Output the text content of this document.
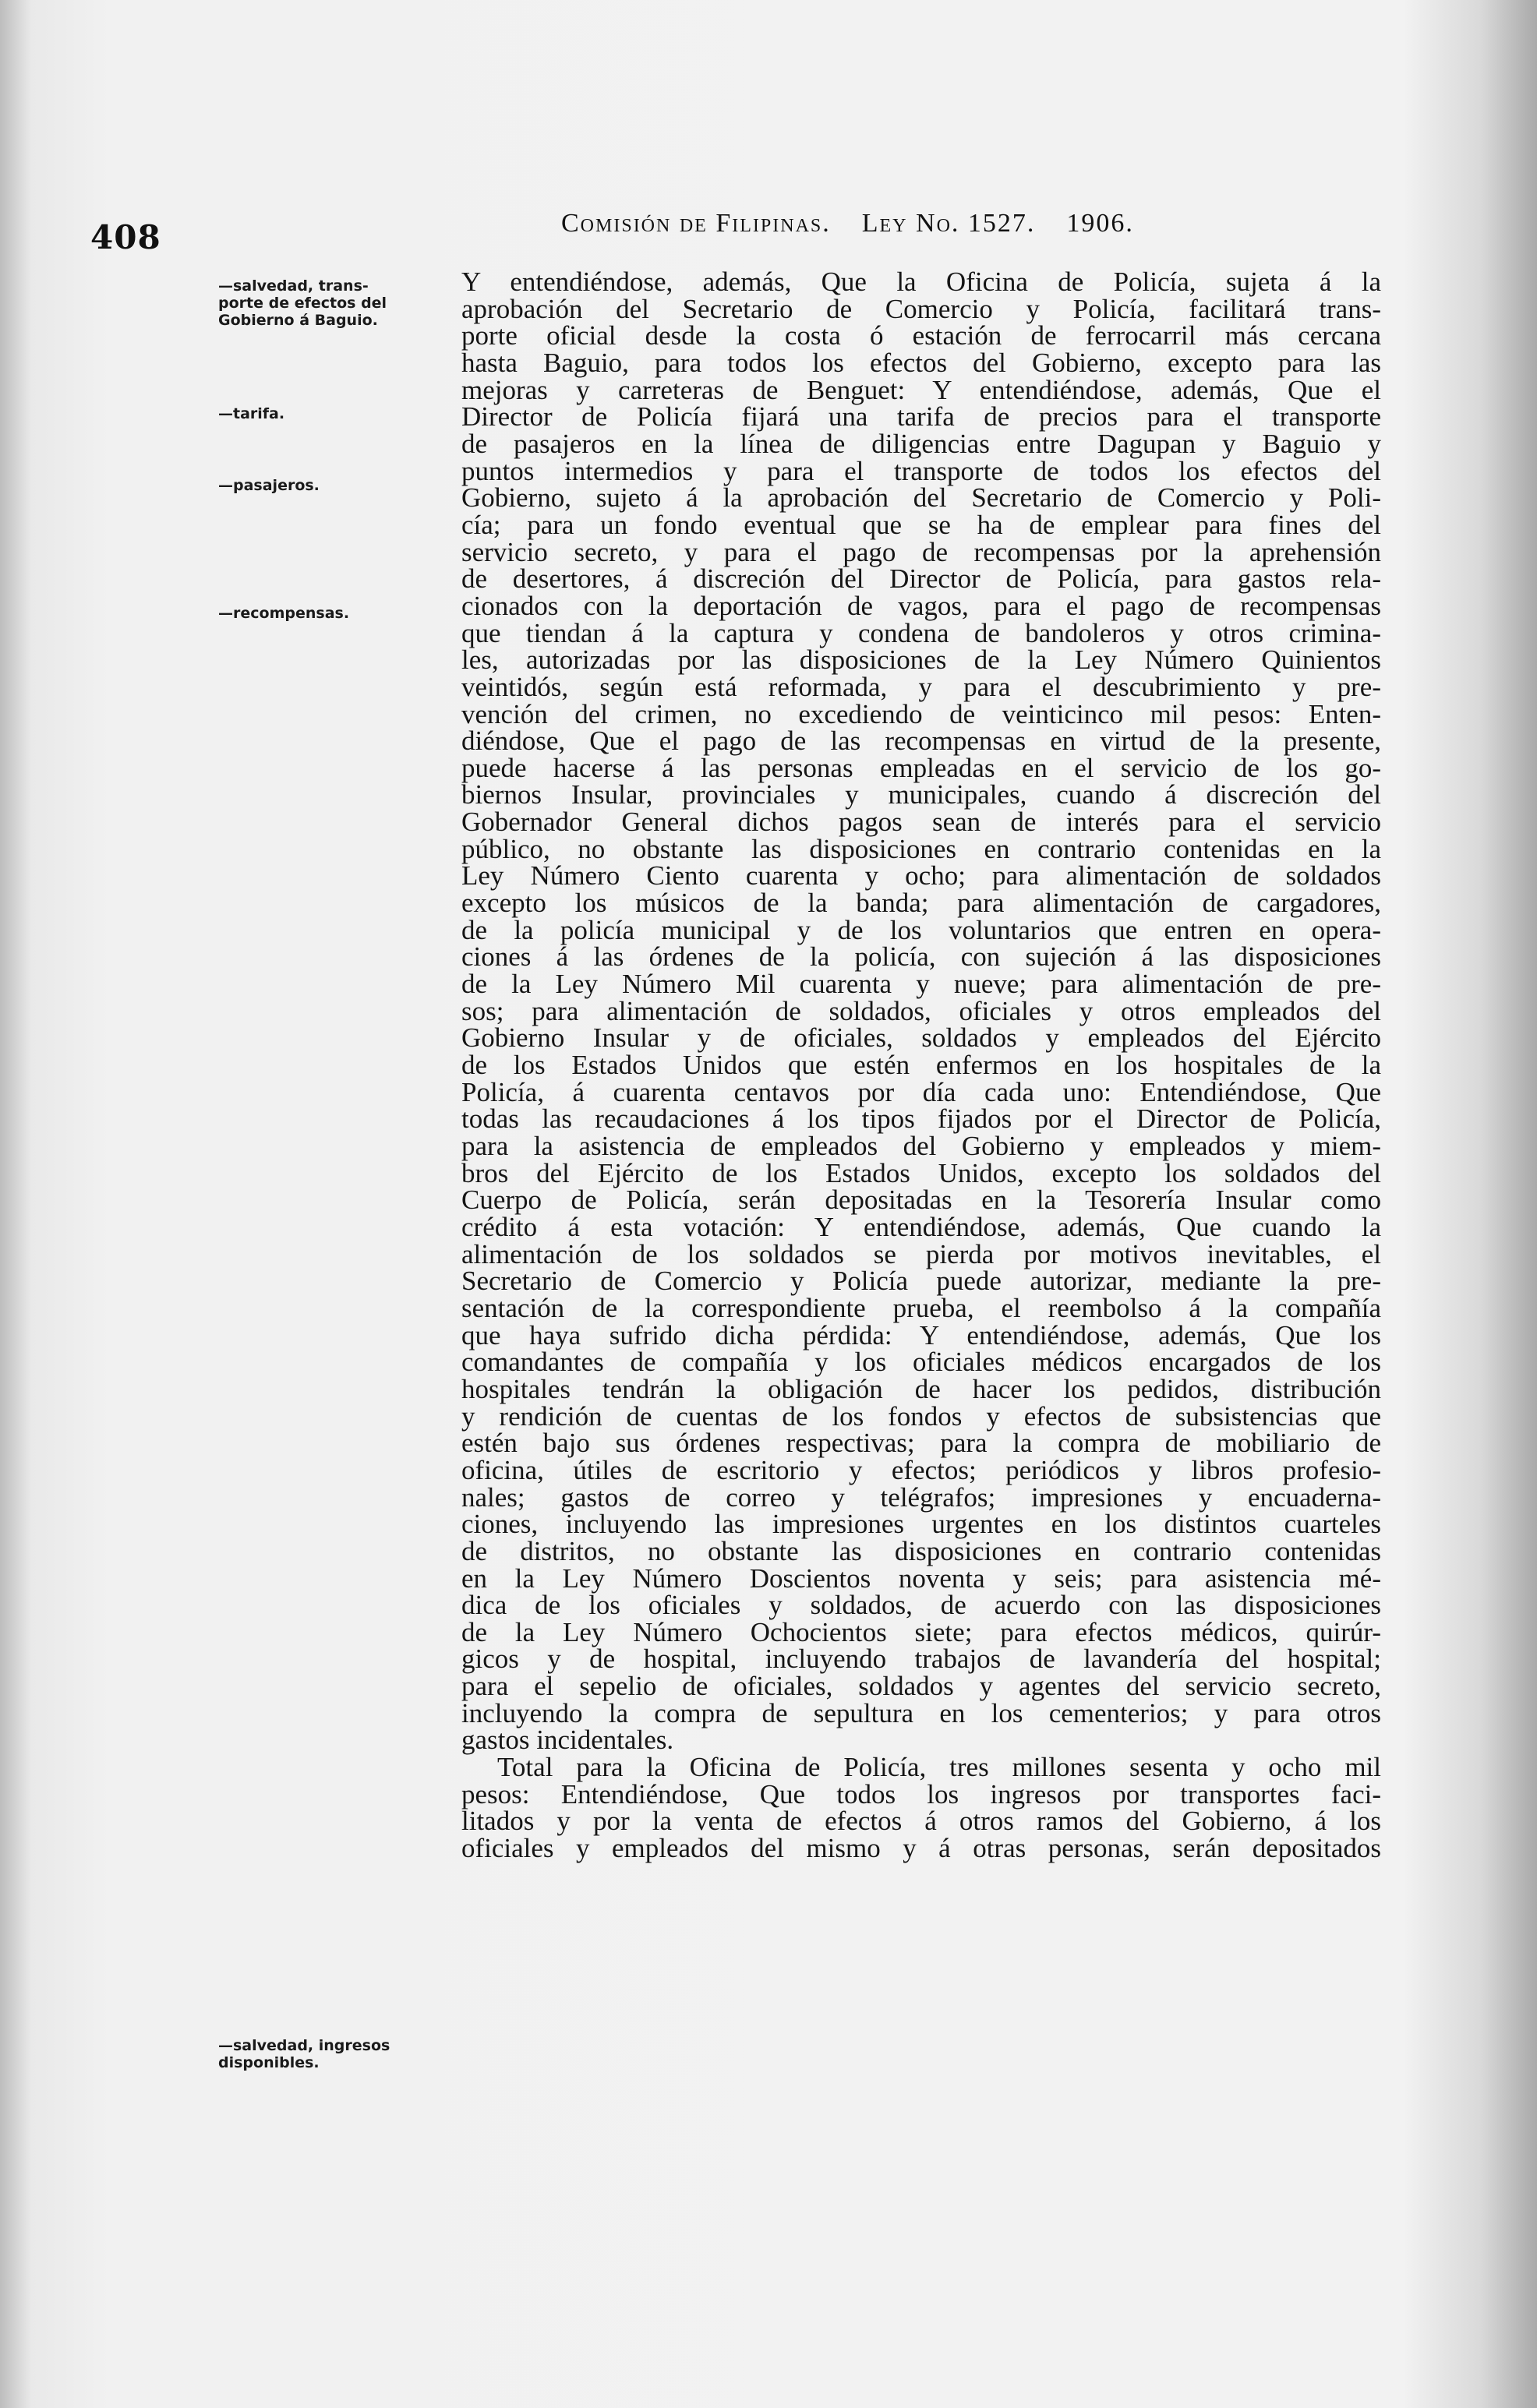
408	Comisión de Filipinas. Ley No. 1527. 1906.
—salvedad, trans-
porte de efectos del
Gobierno á Baguio.
—tarifa.
—pasajeros.
—recompensas.
—salvedad, ingresos
disponibles.
Y entendiéndose, además, Que la Oficina de Policía, sujeta á la
aprobación del Secretario de Comercio y Policía, facilitará trans-
porte oficial desde la costa ó estación de ferrocarril más cercana
hasta Baguio, para todos los efectos del Gobierno, excepto para las
mejoras y carreteras de Benguet: Y entendiéndose, además, Que el
Director de Policía fijará una tarifa de precios para el transporte
de pasajeros en la línea de diligencias entre Dagupan y Baguio y
puntos intermedios y para el transporte de todos los efectos del
Gobierno, sujeto á la aprobación del Secretario de Comercio y Poli-
cía; para un fondo eventual que se ha de emplear para fines del
servicio secreto, y para el pago de recompensas por la aprehensión
de desertores, á discreción del Director de Policía, para gastos rela-
cionados con la deportación de vagos, para el pago de recompensas
que tiendan á la captura y condena de bandoleros y otros crimina-
les, autorizadas por las disposiciones de la Ley Número Quinientos
veintidós, según está reformada, y para el descubrimiento y pre-
vención del crimen, no excediendo de veinticinco mil pesos: Enten-
diéndose, Que el pago de las recompensas en virtud de la presente,
puede hacerse á las personas empleadas en el servicio de los go-
biernos Insular, provinciales y municipales, cuando á discreción del
Gobernador General dichos pagos sean de interés para el servicio
público, no obstante las disposiciones en contrario contenidas en la
Ley Número Ciento cuarenta y ocho; para alimentación de soldados
excepto los músicos de la banda; para alimentación de cargadores,
de la policía municipal y de los voluntarios que entren en opera-
ciones á las órdenes de la policía, con sujeción á las disposiciones
de la Ley Número Mil cuarenta y nueve; para alimentación de pre-
sos; para alimentación de soldados, oficiales y otros empleados del
Gobierno Insular y de oficiales, soldados y empleados del Ejército
de los Estados Unidos que estén enfermos en los hospitales de la
Policía, á cuarenta centavos por día cada uno: Entendiéndose, Que
todas las recaudaciones á los tipos fijados por el Director de Policía,
para la asistencia de empleados del Gobierno y empleados y miem-
bros del Ejército de los Estados Unidos, excepto los soldados del
Cuerpo de Policía, serán depositadas en la Tesorería Insular como
crédito á esta votación: Y entendiéndose, además, Que cuando la
alimentación de los soldados se pierda por motivos inevitables, el
Secretario de Comercio y Policía puede autorizar, mediante la pre-
sentación de la correspondiente prueba, el reembolso á la compañía
que haya sufrido dicha pérdida: Y entendiéndose, además, Que los
comandantes de compañía y los oficiales médicos encargados de los
hospitales tendrán la obligación de hacer los pedidos, distribución
y rendición de cuentas de los fondos y efectos de subsistencias que
estén bajo sus órdenes respectivas; para la compra de mobiliario de
oficina, útiles de escritorio y efectos; periódicos y libros profesio-
nales; gastos de correo y telégrafos; impresiones y encuaderna-
ciones, incluyendo las impresiones urgentes en los distintos cuarteles
de distritos, no obstante las disposiciones en contrario contenidas
en la Ley Número Doscientos noventa y seis; para asistencia mé-
dica de los oficiales y soldados, de acuerdo con las disposiciones
de la Ley Número Ochocientos siete; para efectos médicos, quirúr-
gicos y de hospital, incluyendo trabajos de lavandería del hospital;
para el sepelio de oficiales, soldados y agentes del servicio secreto,
incluyendo la compra de sepultura en los cementerios; y para otros
gastos incidentales.
Total para la Oficina de Policía, tres millones sesenta y ocho mil
pesos: Entendiéndose, Que todos los ingresos por transportes faci-
litados y por la venta de efectos á otros ramos del Gobierno, á los
oficiales y empleados del mismo y á otras personas, serán depositados
